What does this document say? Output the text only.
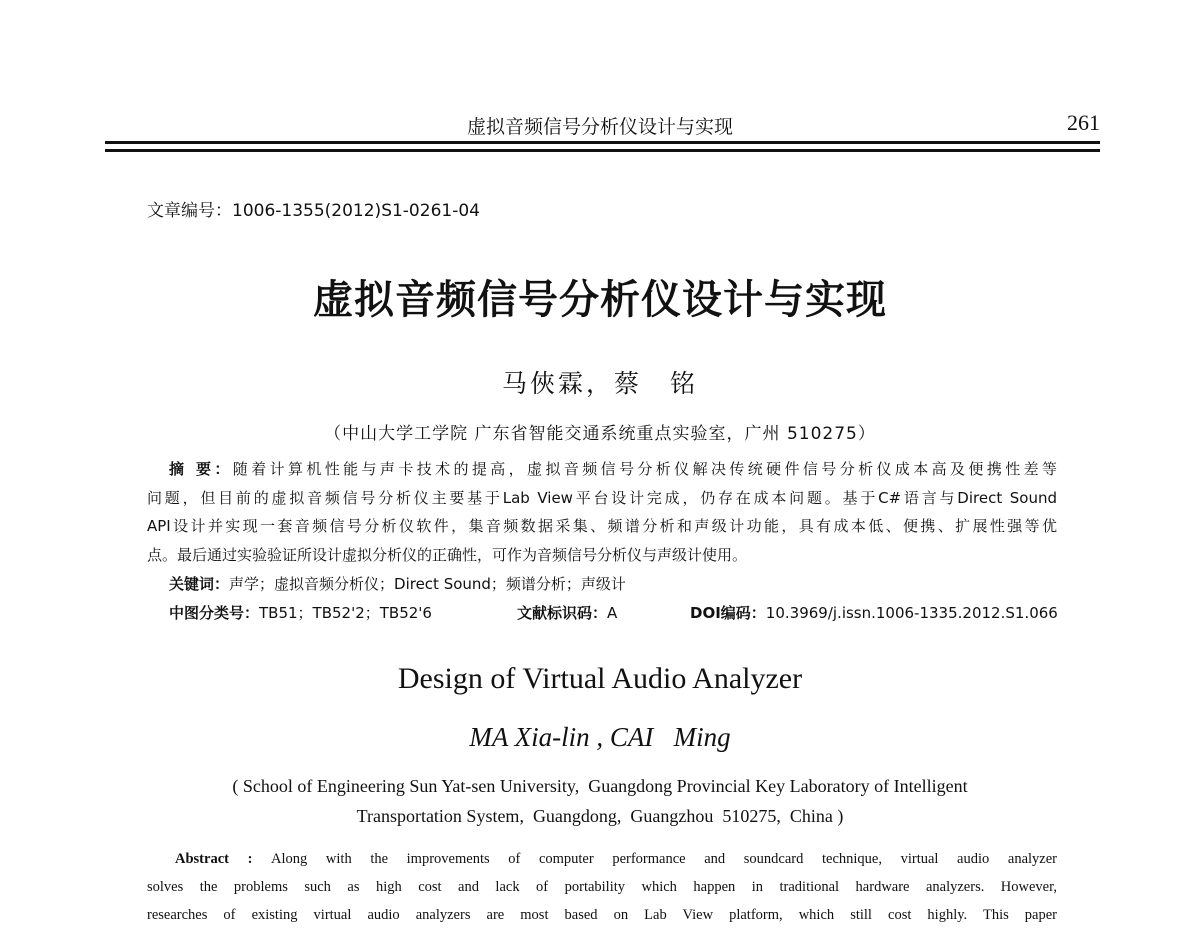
虚拟音频信号分析仪设计与实现	261
文章编号：1006-1355(2012)S1-0261-04
虚拟音频信号分析仪设计与实现
马俠霖，蔡　铭
（中山大学工学院 广东省智能交通系统重点实验室，广州 510275）
摘 要：随着计算机性能与声卡技术的提高，虚拟音频信号分析仪解决传统硬件信号分析仪成本高及便携性差等
问题，但目前的虚拟音频信号分析仪主要基于Lab View平台设计完成，仍存在成本问题。基于C#语言与Direct Sound
API设计并实现一套音频信号分析仪软件，集音频数据采集、频谱分析和声级计功能，具有成本低、便携、扩展性强等优
点。最后通过实验验证所设计虚拟分析仪的正确性，可作为音频信号分析仪与声级计使用。
关键词：声学；虚拟音频分析仪；Direct Sound；频谱分析；声级计
中图分类号：TB51；TB52'2；TB52'6	文献标识码：A	DOI编码：10.3969/j.issn.1006-1335.2012.S1.066
Design of Virtual Audio Analyzer
MA Xia-lin , CAI   Ming
( School of Engineering Sun Yat-sen University,  Guangdong Provincial Key Laboratory of Intelligent
Transportation System,  Guangdong,  Guangzhou  510275,  China )
Abstract : Along with the improvements of computer performance and soundcard technique, virtual audio analyzer
solves the problems such as high cost and lack of portability which happen in traditional hardware analyzers. However,
researches of existing virtual audio analyzers are most based on Lab View platform, which still cost highly. This paper
